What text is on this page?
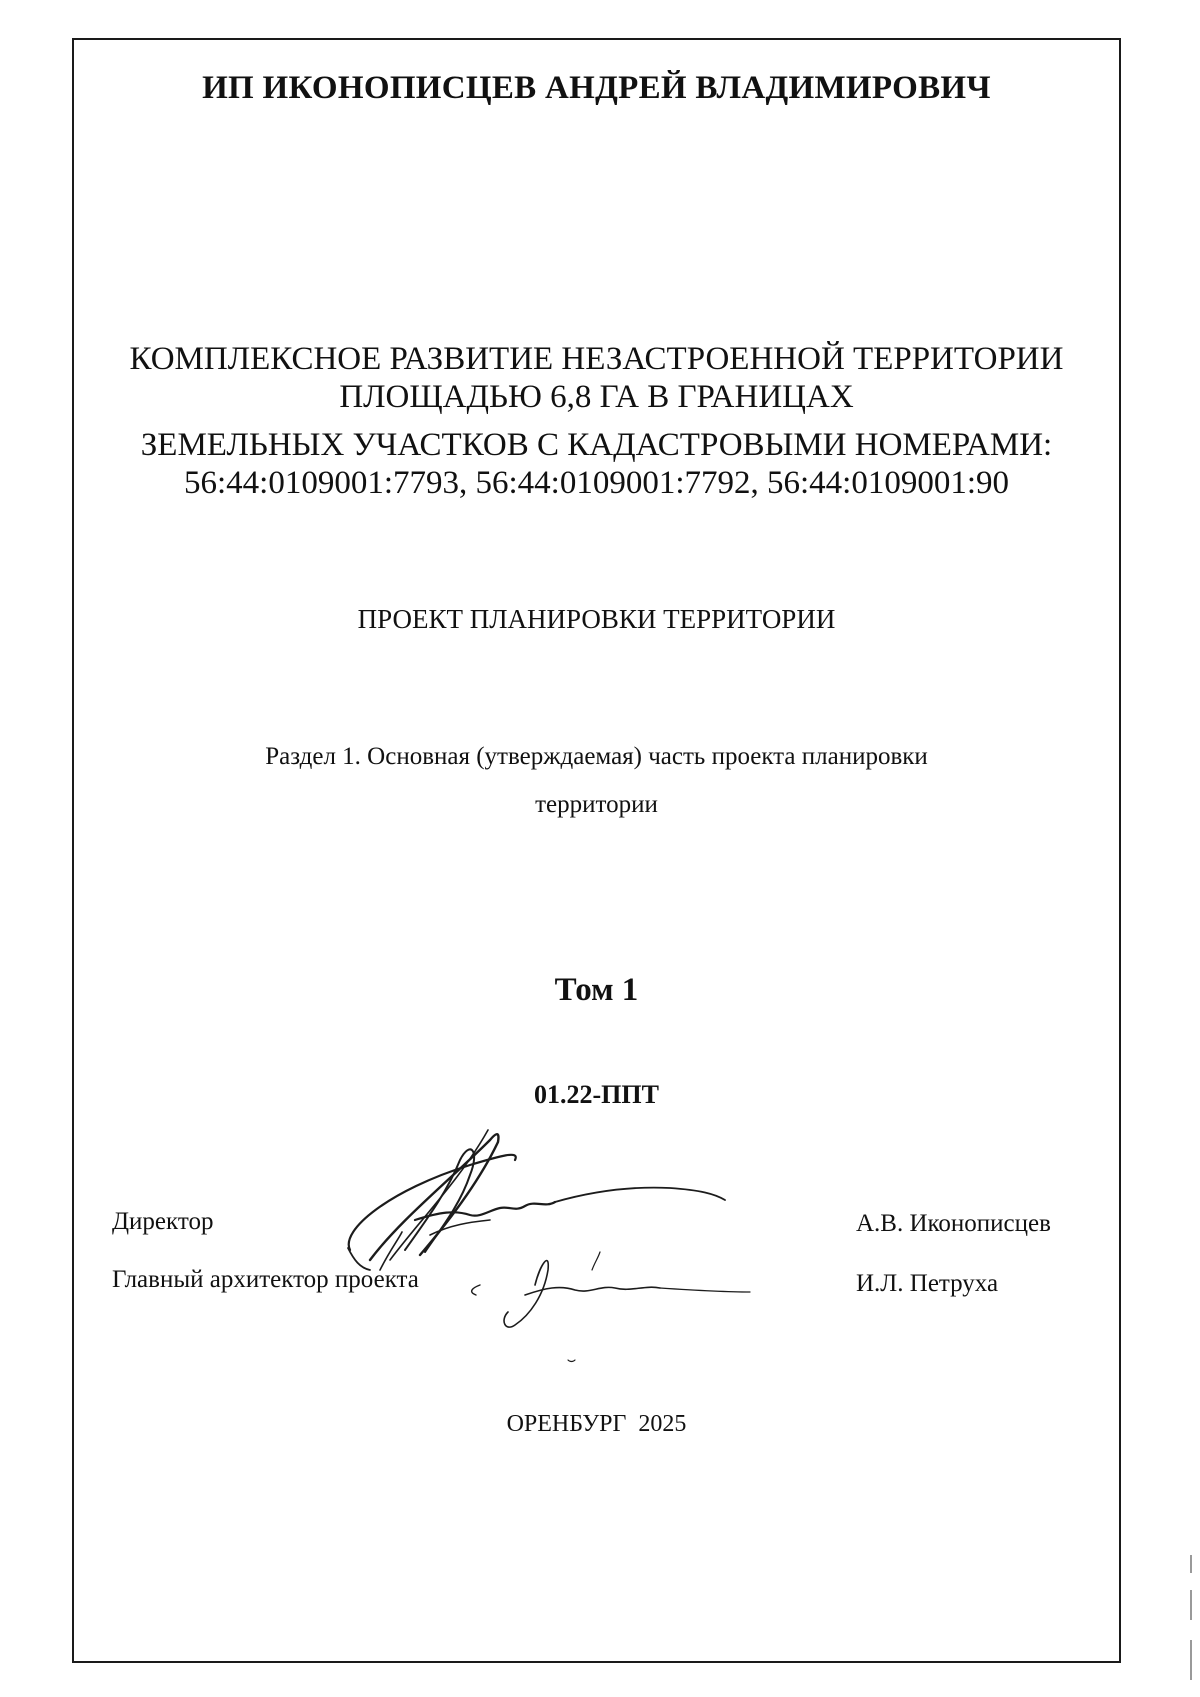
ИП ИКОНОПИСЦЕВ АНДРЕЙ ВЛАДИМИРОВИЧ
КОМПЛЕКСНОЕ РАЗВИТИЕ НЕЗАСТРОЕННОЙ ТЕРРИТОРИИ
ПЛОЩАДЬЮ 6,8 ГА В ГРАНИЦАХ
ЗЕМЕЛЬНЫХ УЧАСТКОВ С КАДАСТРОВЫМИ НОМЕРАМИ:
56:44:0109001:7793, 56:44:0109001:7792, 56:44:0109001:90
ПРОЕКТ ПЛАНИРОВКИ ТЕРРИТОРИИ
Раздел 1. Основная (утверждаемая) часть проекта планировки
территории
Том 1
01.22-ППТ
Директор	А.В. Иконописцев
Главный архитектор проекта	И.Л. Петруха
ОРЕНБУРГ 2025
